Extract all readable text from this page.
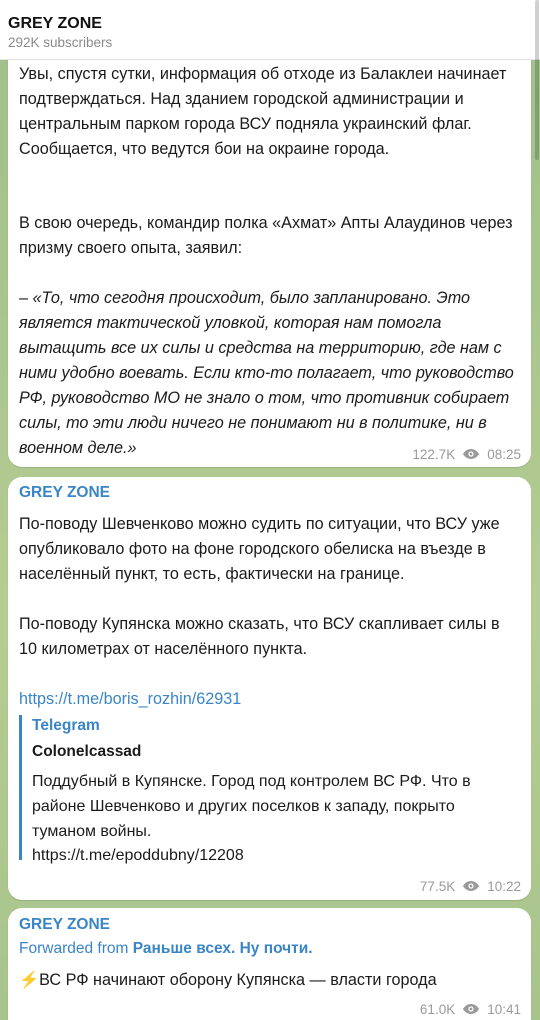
GREY ZONE
292K subscribers
Увы, спустя сутки, информация об отходе из Балаклеи начинает подтверждаться. Над зданием городской администрации и центральным парком города ВСУ подняла украинский флаг. Сообщается, что ведутся бои на окраине города.
В свою очередь, командир полка «Ахмат» Апты Алаудинов через призму своего опыта, заявил:
– «То, что сегодня происходит, было запланировано. Это является тактической уловкой, которая нам помогла вытащить все их силы и средства на территорию, где нам с ними удобно воевать. Если кто-то полагает, что руководство РФ, руководство МО не знало о том, что противник собирает силы, то эти люди ничего не понимают ни в политике, ни в военном деле.»	122.7K 08:25
GREY ZONE
По-поводу Шевченково можно судить по ситуации, что ВСУ уже опубликовало фото на фоне городского обелиска на въезде в населённый пункт, то есть, фактически на границе.
По-поводу Купянска можно сказать, что ВСУ скапливает силы в 10 километрах от населённого пункта.
https://t.me/boris_rozhin/62931
Telegram
Colonelcassad
Поддубный в Купянске. Город под контролем ВС РФ. Что в районе Шевченково и других поселков к западу, покрыто туманом войны.
https://t.me/epoddubny/12208
77.5K 10:22
GREY ZONE
Forwarded from Раньше всех. Ну почти.
⚡ВС РФ начинают оборону Купянска — власти города
61.0K 10:41
